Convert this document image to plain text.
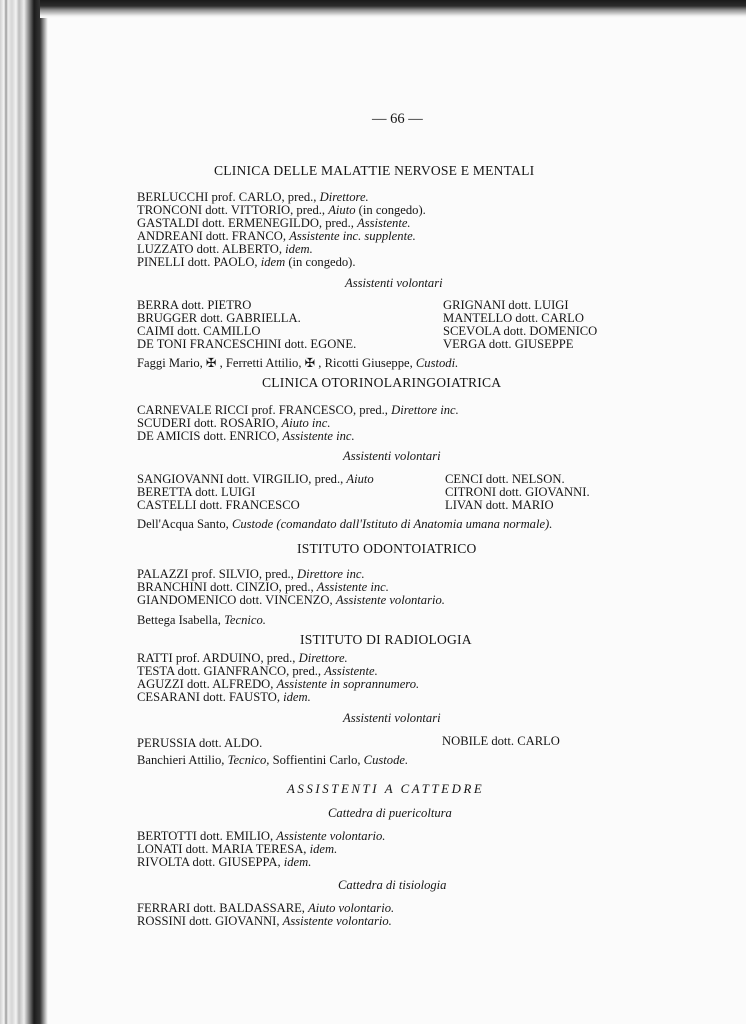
— 66 —
CLINICA DELLE MALATTIE NERVOSE E MENTALI
BERLUCCHI prof. CARLO, pred., Direttore.
TRONCONI dott. VITTORIO, pred., Aiuto (in congedo).
GASTALDI dott. ERMENEGILDO, pred., Assistente.
ANDREANI dott. FRANCO, Assistente inc. supplente.
LUZZATO dott. ALBERTO, idem.
PINELLI dott. PAOLO, idem (in congedo).
Assistenti volontari
BERRA dott. PIETRO
BRUGGER dott. GABRIELLA.
CAIMI dott. CAMILLO
DE TONI FRANCESCHINI dott. EGONE.
GRIGNANI dott. LUIGI
MANTELLO dott. CARLO
SCEVOLA dott. DOMENICO
VERGA dott. GIUSEPPE
Faggi Mario, ✠ , Ferretti Attilio, ✠ , Ricotti Giuseppe, Custodi.
CLINICA OTORINOLARINGOIATRICA
CARNEVALE RICCI prof. FRANCESCO, pred., Direttore inc.
SCUDERI dott. ROSARIO, Aiuto inc.
DE AMICIS dott. ENRICO, Assistente inc.
Assistenti volontari
SANGIOVANNI dott. VIRGILIO, pred., Aiuto
BERETTA dott. LUIGI
CASTELLI dott. FRANCESCO
CENCI dott. NELSON.
CITRONI dott. GIOVANNI.
LIVAN dott. MARIO
Dell'Acqua Santo, Custode (comandato dall'Istituto di Anatomia umana normale).
ISTITUTO ODONTOIATRICO
PALAZZI prof. SILVIO, pred., Direttore inc.
BRANCHINI dott. CINZIO, pred., Assistente inc.
GIANDOMENICO dott. VINCENZO, Assistente volontario.
Bettega Isabella, Tecnico.
ISTITUTO DI RADIOLOGIA
RATTI prof. ARDUINO, pred., Direttore.
TESTA dott. GIANFRANCO, pred., Assistente.
AGUZZI dott. ALFREDO, Assistente in soprannumero.
CESARANI dott. FAUSTO, idem.
Assistenti volontari
PERUSSIA dott. ALDO.	NOBILE dott. CARLO
Banchieri Attilio, Tecnico, Soffientini Carlo, Custode.
ASSISTENTI A CATTEDRE
Cattedra di puericoltura
BERTOTTI dott. EMILIO, Assistente volontario.
LONATI dott. MARIA TERESA, idem.
RIVOLTA dott. GIUSEPPA, idem.
Cattedra di tisiologia
FERRARI dott. BALDASSARE, Aiuto volontario.
ROSSINI dott. GIOVANNI, Assistente volontario.
